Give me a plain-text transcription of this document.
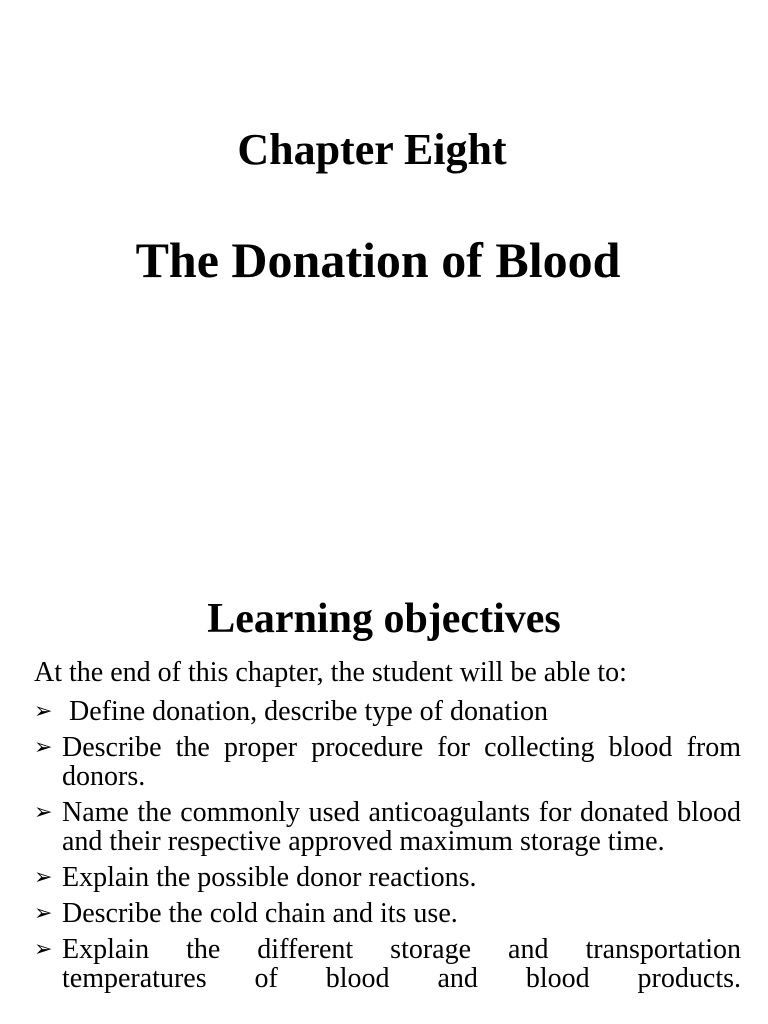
Chapter Eight
The Donation of Blood
Learning objectives

At the end of this chapter, the student will be able to:

➢ Define donation, describe type of donation
➢ Describe the proper procedure for collecting blood from donors.
➢ Name the commonly used anticoagulants for donated blood and their respective approved maximum storage time.
➢ Explain the possible donor reactions.
➢ Describe the cold chain and its use.
➢ Explain the different storage and transportation temperatures of blood and blood products.
